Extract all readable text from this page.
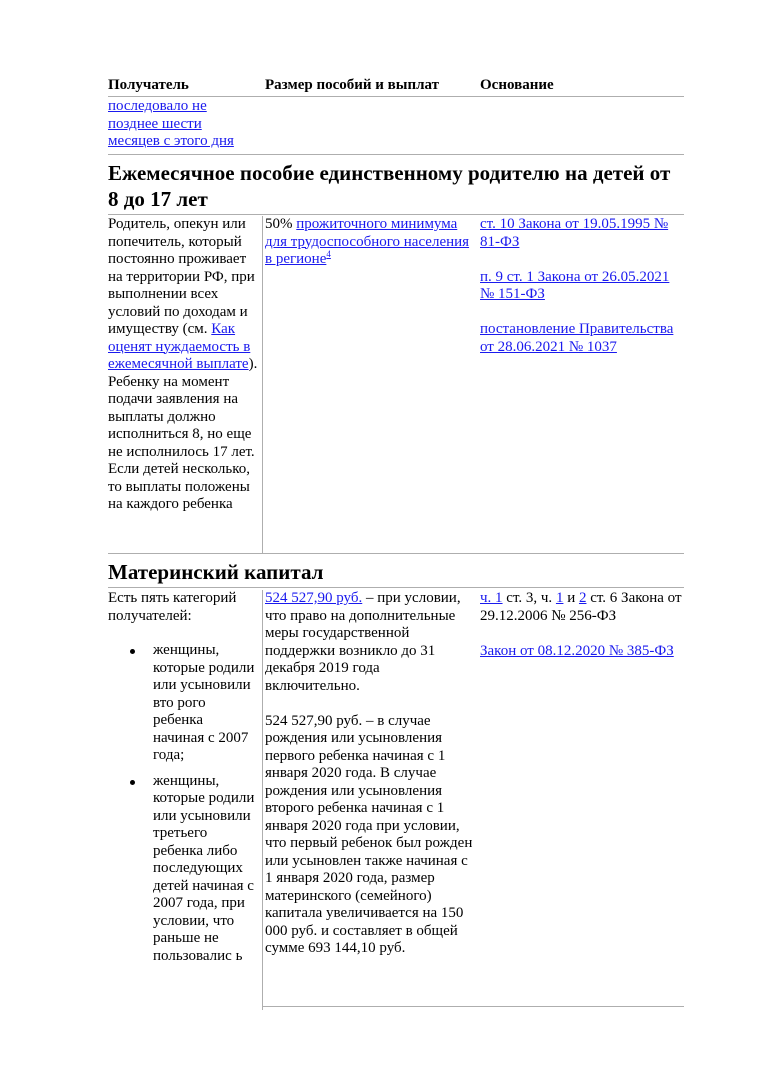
Получатель	Размер пособий и выплат	Основание
последовало не позднее шести месяцев с этого дня
Ежемесячное пособие единственному родителю на детей от 8 до 17 лет
Родитель, опекун или попечитель, который постоянно проживает на территории РФ, при выполнении всех условий по доходам и имуществу (см. Как оценят нуждаемость в ежемесячной выплате). Ребенку на момент подачи заявления на выплаты должно исполниться 8, но еще не исполнилось 17 лет. Если детей несколько, то выплаты положены на каждого ребенка
50% прожиточного минимума для трудоспособного населения в регионе$^4$

ст. 10 Закона от 19.05.1995 № 81-ФЗ

п. 9 ст. 1 Закона от 26.05.2021 № 151-ФЗ

постановление Правительства от 28.06.2021 № 1037

Материнский капитал

Есть пять категорий получателей:

женщины, которые родили или усыновили вто рого ребенка начиная с 2007 года;
женщины, которые родили или усыновили третьего ребенка либо последующих детей начиная с 2007 года, при условии, что раньше не пользовалис ь

524 527,90 руб. – при условии, что право на дополнительные меры государственной поддержки возникло до 31 декабря 2019 года включительно.

524 527,90 руб. – в случае рождения или усыновления первого ребенка начиная с 1 января 2020 года. В случае рождения или усыновления второго ребенка начиная с 1 января 2020 года при условии, что первый ребенок был рожден или усыновлен также начиная с 1 января 2020 года, размер материнского (семейного) капитала увеличивается на 150 000 руб. и составляет в общей сумме 693 144,10 руб.

ч. 1 ст. 3, ч. 1 и 2 ст. 6 Закона от 29.12.2006 № 256-ФЗ

Закон от 08.12.2020 № 385-ФЗ
